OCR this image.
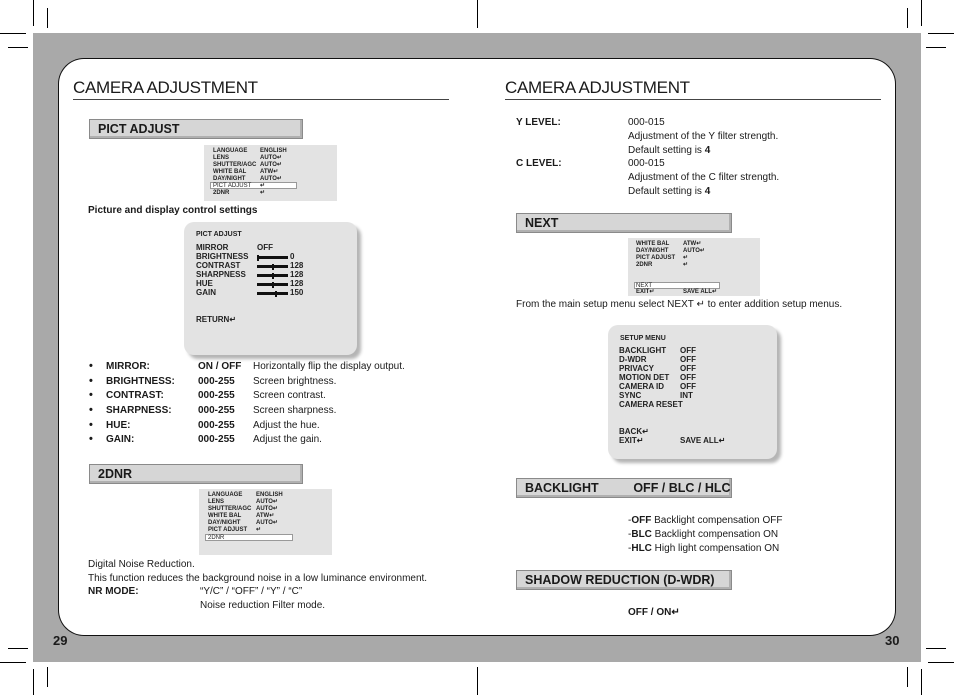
CAMERA ADJUSTMENT
PICT ADJUST
LANGUAGE ENGLISH
LENS	AUTO↵
SHUTTER/AGC AUTO↵
WHITE BAL ATW↵
DAY/NIGHT AUTO↵
PICT ADJUST ↵
2DNR	↵
Picture and display control settings
PICT ADJUST
MIRROR	OFF
BRIGHTNESS	0
CONTRAST	128
SHARPNESS	128
HUE	128
GAIN	150
RETURN↵
• MIRROR:	ON / OFF Horizontally flip the display output.
• BRIGHTNESS: 000-255 Screen brightness.
• CONTRAST:	000-255 Screen contrast.
• SHARPNESS:	000-255 Screen sharpness.
• HUE:	000-255 Adjust the hue.
• GAIN:	000-255 Adjust the gain.
2DNR
LANGUAGE ENGLISH
LENS	AUTO↵
SHUTTER/AGC AUTO↵
WHITE BAL ATW↵
DAY/NIGHT	AUTO↵
PICT ADJUST ↵
2DNR
Digital Noise Reduction.
This function reduces the background noise in a low luminance environment.
NR MODE:	“Y/C” / “OFF” / “Y” / “C”
Noise reduction Filter mode.
29
CAMERA ADJUSTMENT
Y LEVEL:	000-015
Adjustment of the Y filter strength.
Default setting is 4
C LEVEL:	000-015
Adjustment of the C filter strength.
Default setting is 4
NEXT
WHITE BAL ATW↵
DAY/NIGHT AUTO↵
PICT ADJUST ↵
2DNR	↵
NEXT
EXIT↵	SAVE ALL↵
From the main setup menu select NEXT ↵ to enter addition setup menus.
SETUP MENU
BACKLIGHT OFF
D-WDR	OFF
PRIVACY	OFF
MOTION DET OFF
CAMERA ID OFF
SYNC	INT
CAMERA RESET
BACK↵
EXIT↵	SAVE ALL↵
BACKLIGHT          OFF / BLC / HLC
-OFF Backlight compensation OFF
-BLC Backlight compensation ON
-HLC High light compensation ON
SHADOW REDUCTION (D-WDR)
OFF / ON↵
30
